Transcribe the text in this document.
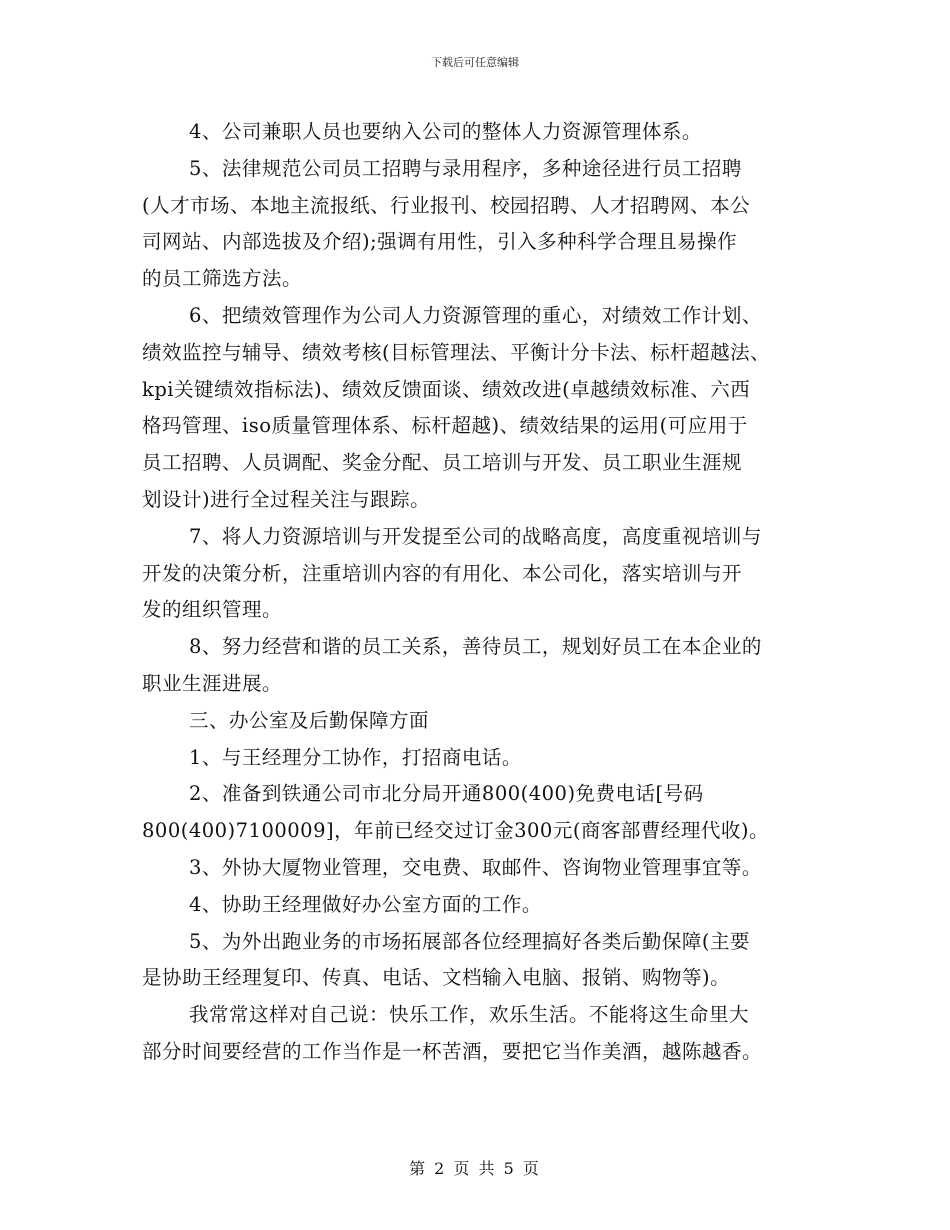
下载后可任意编辑
4、公司兼职人员也要纳入公司的整体人力资源管理体系。
5、法律规范公司员工招聘与录用程序，多种途径进行员工招聘
(人才市场、本地主流报纸、行业报刊、校园招聘、人才招聘网、本公
司网站、内部选拔及介绍);强调有用性，引入多种科学合理且易操作
的员工筛选方法。
6、把绩效管理作为公司人力资源管理的重心，对绩效工作计划、
绩效监控与辅导、绩效考核(目标管理法、平衡计分卡法、标杆超越法、
kpi关键绩效指标法)、绩效反馈面谈、绩效改进(卓越绩效标准、六西
格玛管理、iso质量管理体系、标杆超越)、绩效结果的运用(可应用于
员工招聘、人员调配、奖金分配、员工培训与开发、员工职业生涯规
划设计)进行全过程关注与跟踪。
7、将人力资源培训与开发提至公司的战略高度，高度重视培训与
开发的决策分析，注重培训内容的有用化、本公司化，落实培训与开
发的组织管理。
8、努力经营和谐的员工关系，善待员工，规划好员工在本企业的
职业生涯进展。
三、办公室及后勤保障方面
1、与王经理分工协作，打招商电话。
2、准备到铁通公司市北分局开通800(400)免费电话[号码
800(400)7100009]，年前已经交过订金300元(商客部曹经理代收)。
3、外协大厦物业管理，交电费、取邮件、咨询物业管理事宜等。
4、协助王经理做好办公室方面的工作。
5、为外出跑业务的市场拓展部各位经理搞好各类后勤保障(主要
是协助王经理复印、传真、电话、文档输入电脑、报销、购物等)。
我常常这样对自己说：快乐工作，欢乐生活。不能将这生命里大
部分时间要经营的工作当作是一杯苦酒，要把它当作美酒，越陈越香。
第 2 页 共 5 页
